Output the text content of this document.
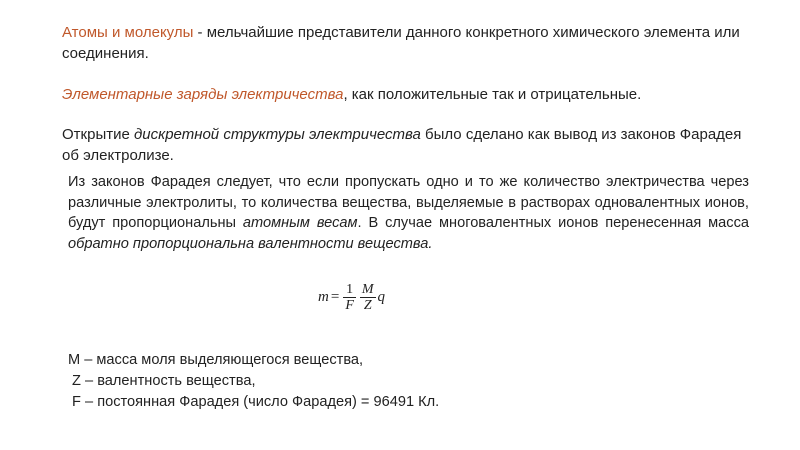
Атомы и молекулы - мельчайшие представители данного конкретного химического элемента или соединения.

Элементарные заряды электричества, как положительные так и отрицательные.

Открытие дискретной структуры электричества было сделано как вывод из законов Фарадея об электролизе.

Из законов Фарадея следует, что если пропускать одно и то же количество электричества через различные электролиты, то количества вещества, выделяемые в растворах одновалентных ионов, будут пропорциональны атомным весам. В случае многовалентных ионов перенесенная масса обратно пропорциональна валентности вещества.
$m = \frac{1}{F} \frac{M}{Z}$ q
M – масса моля выделяющегося вещества,
Z – валентность вещества,
F – постоянная Фарадея (число Фарадея) = 96491 Кл.
